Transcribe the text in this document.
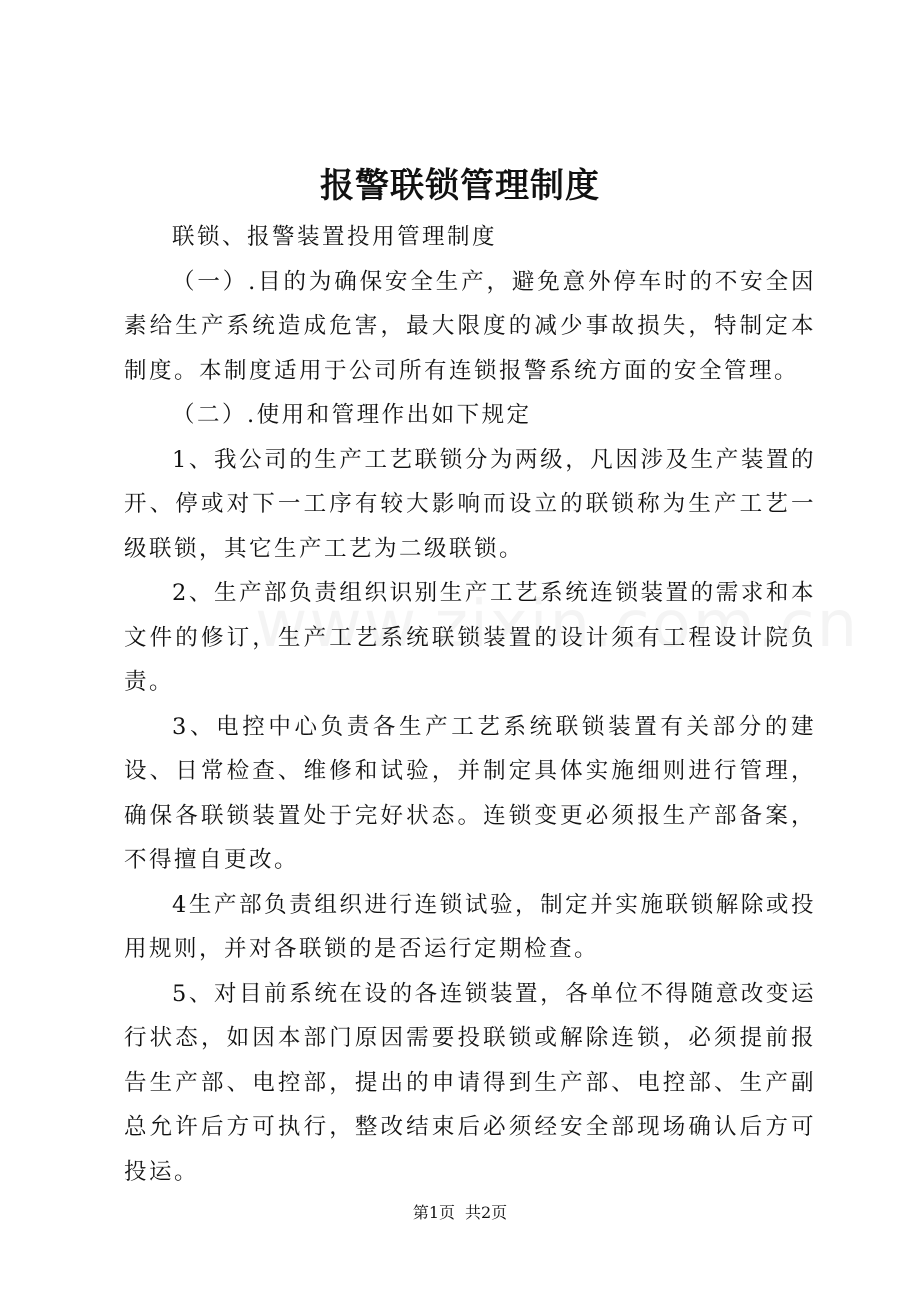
报警联锁管理制度

联锁、报警装置投用管理制度

（一）.目的为确保安全生产，避免意外停车时的不安全因素给生产系统造成危害，最大限度的减少事故损失，特制定本制度。本制度适用于公司所有连锁报警系统方面的安全管理。

（二）.使用和管理作出如下规定

1、我公司的生产工艺联锁分为两级，凡因涉及生产装置的开、停或对下一工序有较大影响而设立的联锁称为生产工艺一级联锁，其它生产工艺为二级联锁。

2、生产部负责组织识别生产工艺系统连锁装置的需求和本文件的修订，生产工艺系统联锁装置的设计须有工程设计院负责。

3、电控中心负责各生产工艺系统联锁装置有关部分的建设、日常检查、维修和试验，并制定具体实施细则进行管理，确保各联锁装置处于完好状态。连锁变更必须报生产部备案，不得擅自更改。

4生产部负责组织进行连锁试验，制定并实施联锁解除或投用规则，并对各联锁的是否运行定期检查。

5、对目前系统在设的各连锁装置，各单位不得随意改变运行状态，如因本部门原因需要投联锁或解除连锁，必须提前报告生产部、电控部，提出的申请得到生产部、电控部、生产副总允许后方可执行，整改结束后必须经安全部现场确认后方可投运。

第1页 共2页
